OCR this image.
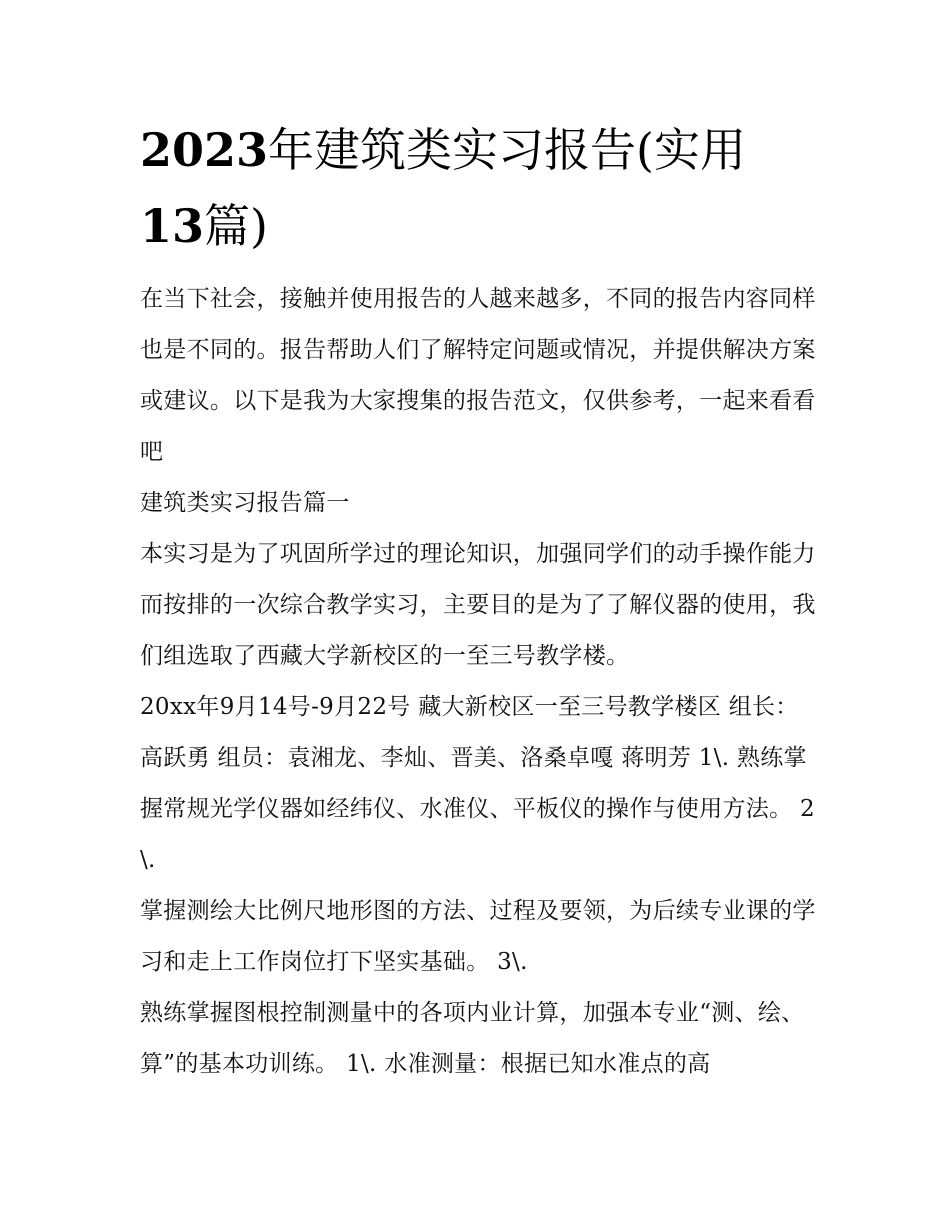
2023年建筑类实习报告(实用
13篇)

在当下社会，接触并使用报告的人越来越多，不同的报告内容同样也是不同的。报告帮助人们了解特定问题或情况，并提供解决方案或建议。以下是我为大家搜集的报告范文，仅供参考，一起来看看吧

建筑类实习报告篇一

本实习是为了巩固所学过的理论知识，加强同学们的动手操作能力而按排的一次综合教学实习，主要目的是为了了解仪器的使用，我们组选取了西藏大学新校区的一至三号教学楼。

20xx年9月14号-9月22号 藏大新校区一至三号教学楼区 组长：高跃勇 组员：袁湘龙、李灿、晋美、洛桑卓嘎 蒋明芳 1\. 熟练掌握常规光学仪器如经纬仪、水准仪、平板仪的操作与使用方法。 2\.

掌握测绘大比例尺地形图的方法、过程及要领，为后续专业课的学习和走上工作岗位打下坚实基础。 3\.

熟练掌握图根控制测量中的各项内业计算，加强本专业“测、绘、算”的基本功训练。 1\. 水准测量：根据已知水准点的高
